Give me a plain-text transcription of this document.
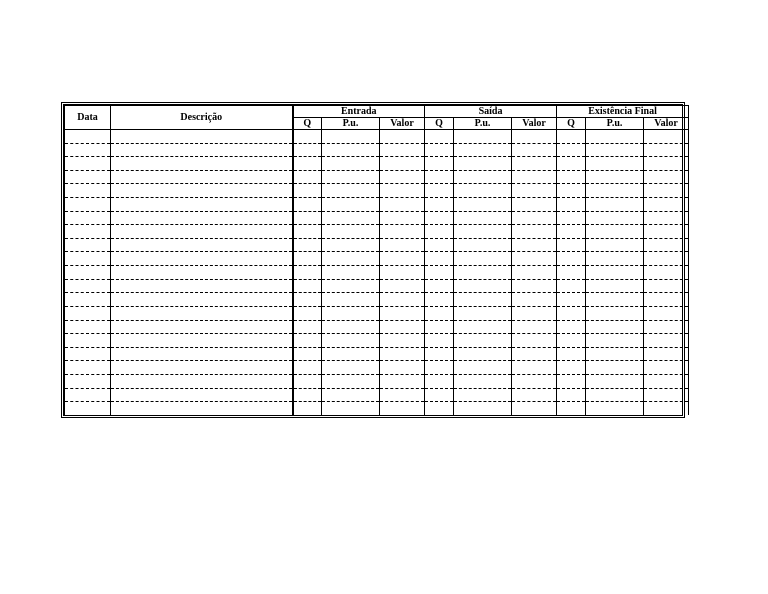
Data	Descrição	Entrada			Saída			Existência Final		
		Q	P.u.	Valor	Q	P.u.	Valor	Q	P.u.	Valor
